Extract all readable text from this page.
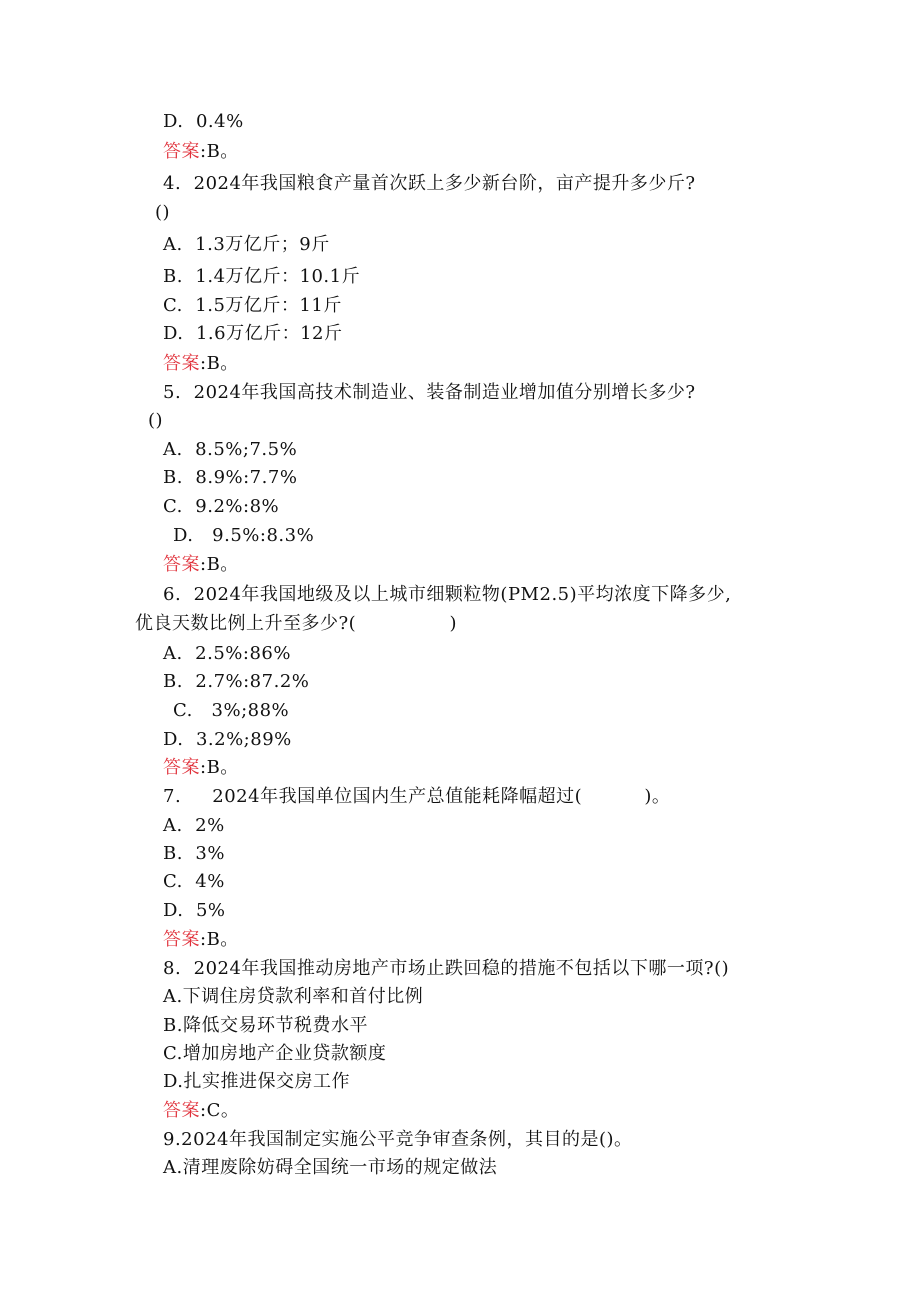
D.  0.4%
答案:B。
4.  2024年我国粮食产量首次跃上多少新台阶，亩产提升多少斤?
()
A.  1.3万亿斤；9斤
B.  1.4万亿斤：10.1斤
C.  1.5万亿斤：11斤
D.  1.6万亿斤：12斤
答案:B。
5.  2024年我国高技术制造业、装备制造业增加值分别增长多少?
()
A.  8.5%;7.5%
B.  8.9%:7.7%
C.  9.2%:8%
D.   9.5%:8.3%
答案:B。
6.  2024年我国地级及以上城市细颗粒物(PM2.5)平均浓度下降多少,
优良天数比例上升至多少?(               )
A.  2.5%:86%
B.  2.7%:87.2%
C.   3%;88%
D.  3.2%;89%
答案:B。
7.     2024年我国单位国内生产总值能耗降幅超过(          )。
A.  2%
B.  3%
C.  4%
D.  5%
答案:B。
8.  2024年我国推动房地产市场止跌回稳的措施不包括以下哪一项?()
A.下调住房贷款利率和首付比例
B.降低交易环节税费水平
C.增加房地产企业贷款额度
D.扎实推进保交房工作
答案:C。
9.2024年我国制定实施公平竞争审查条例，其目的是()。
A.清理废除妨碍全国统一市场的规定做法
